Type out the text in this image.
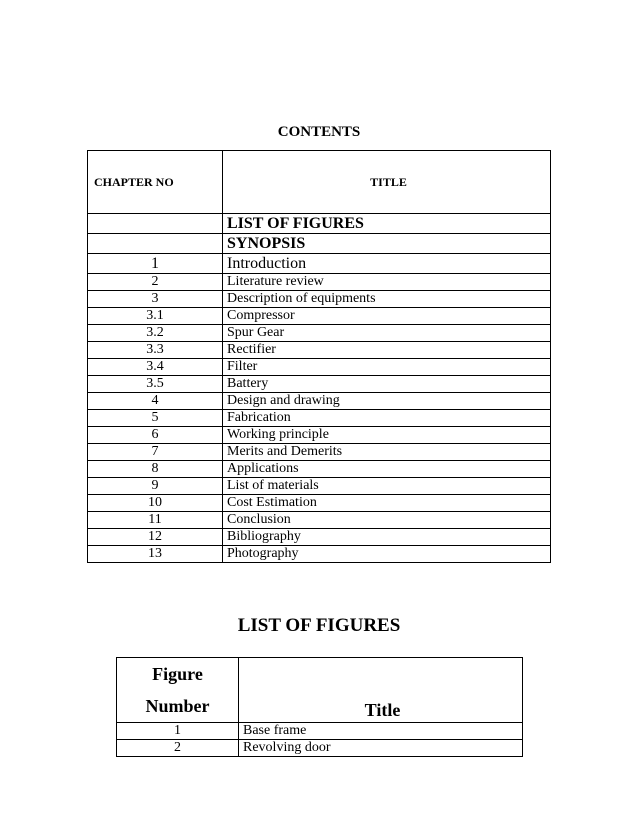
CONTENTS
CHAPTER NO	TITLE
	LIST OF FIGURES
	SYNOPSIS
1	Introduction
2	Literature review
3	Description of equipments
3.1	Compressor
3.2	Spur Gear
3.3	Rectifier
3.4	Filter
3.5	Battery
4	Design and drawing
5	Fabrication
6	Working principle
7	Merits and Demerits
8	Applications
9	List of materials
10	Cost Estimation
11	Conclusion
12	Bibliography
13	Photography
LIST OF FIGURES
Figure
Number	Title
1	Base frame
2	Revolving door
